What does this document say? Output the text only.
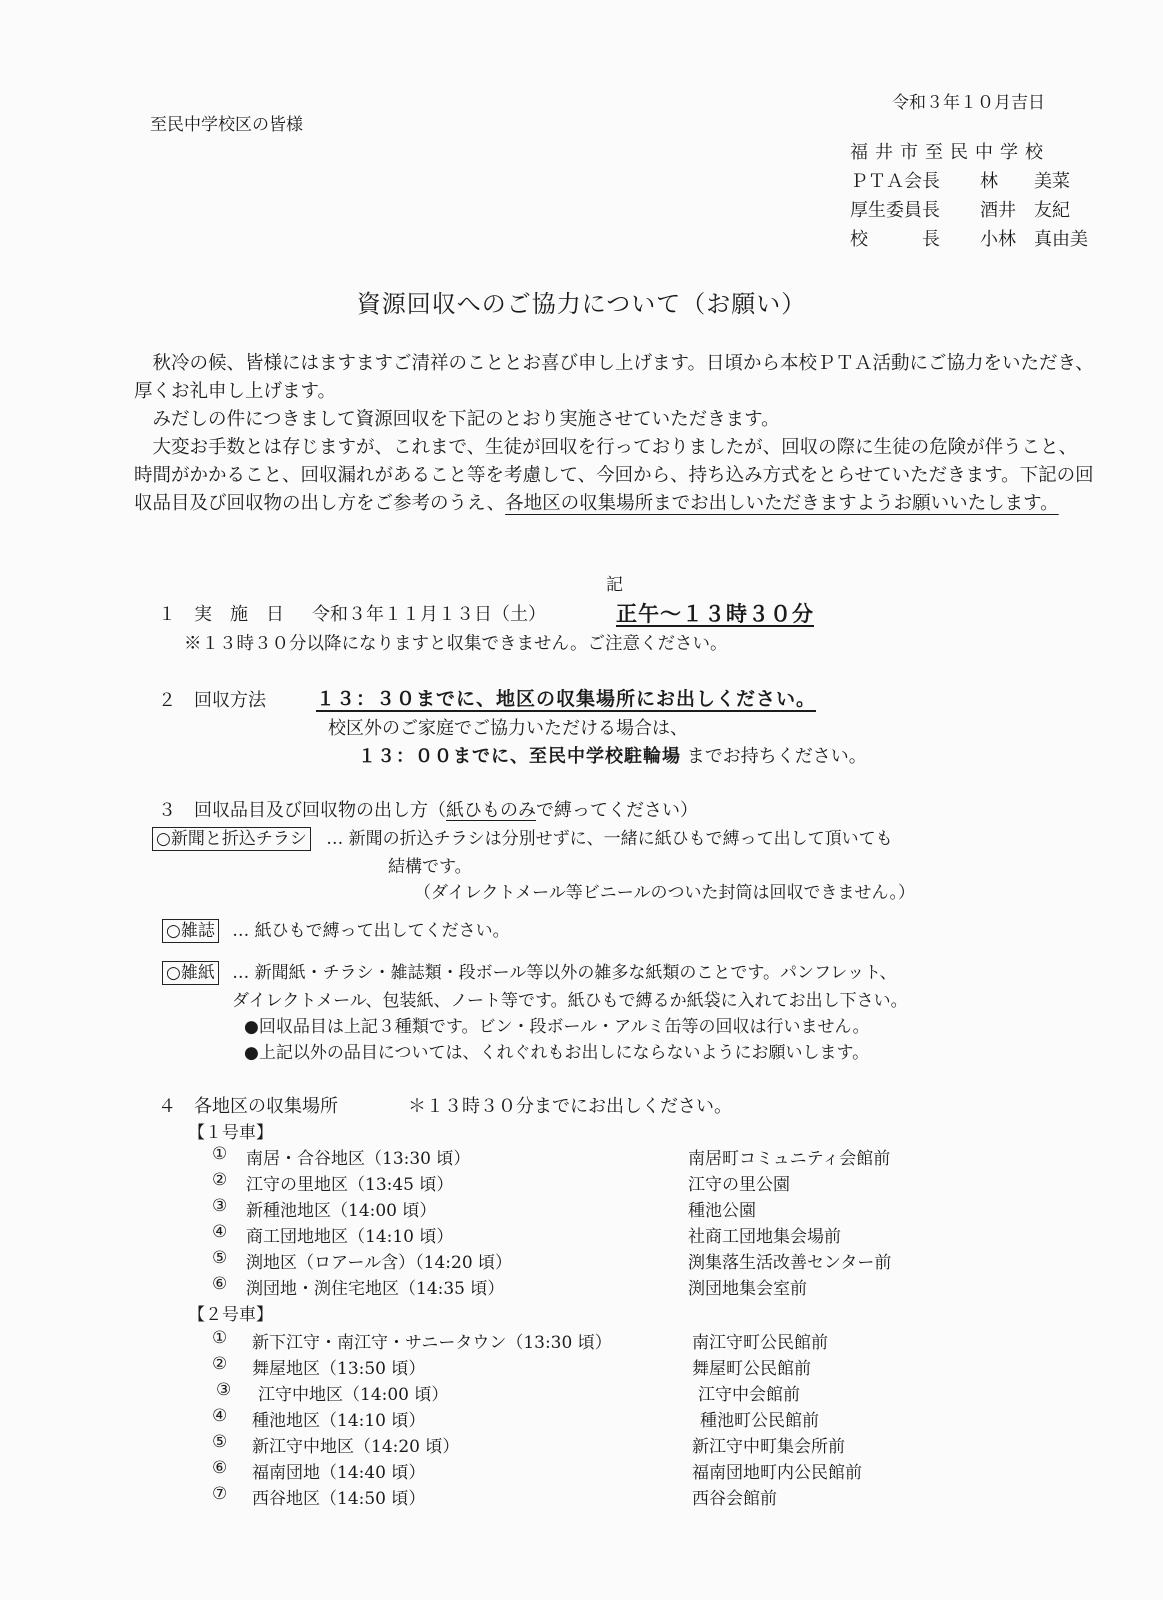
令和３年１０月吉日
至民中学校区の皆様
福井市至民中学校
ＰＴＡ会長 林　　美菜
厚生委員長 酒井　友紀
校　　　長 小林　真由美
資源回収へのご協力について（お願い）

秋冷の候、皆様にはますますご清祥のこととお喜び申し上げます。日頃から本校ＰＴＡ活動にご協力をいただき、厚くお礼申し上げます。

みだしの件につきまして資源回収を下記のとおり実施させていただきます。

大変お手数とは存じますが、これまで、生徒が回収を行っておりましたが、回収の際に生徒の危険が伴うこと、時間がかかること、回収漏れがあること等を考慮して、今回から、持ち込み方式をとらせていただきます。下記の回収品目及び回収物の出し方をご参考のうえ、各地区の収集場所までお出しいただきますようお願いいたします。

記
１ 実　施　日 令和３年１１月１３日（土）	正午～１３時３０分
※１３時３０分以降になりますと収集できません。ご注意ください。
２ 回収方法	１３：３０までに、地区の収集場所にお出しください。
校区外のご家庭でご協力いただける場合は、
１３：００までに、至民中学校駐輪場 までお持ちください。
３ 回収品目及び回収物の出し方（紙ひものみで縛ってください）
○新聞と折込チラシ … 新聞の折込チラシは分別せずに、一緒に紙ひもで縛って出して頂いても
結構です。
（ダイレクトメール等ビニールのついた封筒は回収できません。）
○雑誌 … 紙ひもで縛って出してください。
○雑紙 … 新聞紙・チラシ・雑誌類・段ボール等以外の雑多な紙類のことです。パンフレット、
ダイレクトメール、包装紙、ノート等です。紙ひもで縛るか紙袋に入れてお出し下さい。
●回収品目は上記３種類です。ビン・段ボール・アルミ缶等の回収は行いません。
●上記以外の品目については、くれぐれもお出しにならないようにお願いします。
４ 各地区の収集場所	＊１３時３０分までにお出しください。
【１号車】
① 南居・合谷地区（13:30 頃）	南居町コミュニティ会館前
② 江守の里地区（13:45 頃）	江守の里公園
③ 新種池地区（14:00 頃）	種池公園
④ 商工団地地区（14:10 頃）	社商工団地集会場前
⑤ 渕地区（ロアール含）（14:20 頃）	渕集落生活改善センター前
⑥ 渕団地・渕住宅地区（14:35 頃）	渕団地集会室前
【２号車】
① 新下江守・南江守・サニータウン（13:30 頃）	南江守町公民館前
② 舞屋地区（13:50 頃）	舞屋町公民館前
③ 江守中地区（14:00 頃）	江守中会館前
④ 種池地区（14:10 頃）	種池町公民館前
⑤ 新江守中地区（14:20 頃）	新江守中町集会所前
⑥ 福南団地（14:40 頃）	福南団地町内公民館前
⑦ 西谷地区（14:50 頃）	西谷会館前
